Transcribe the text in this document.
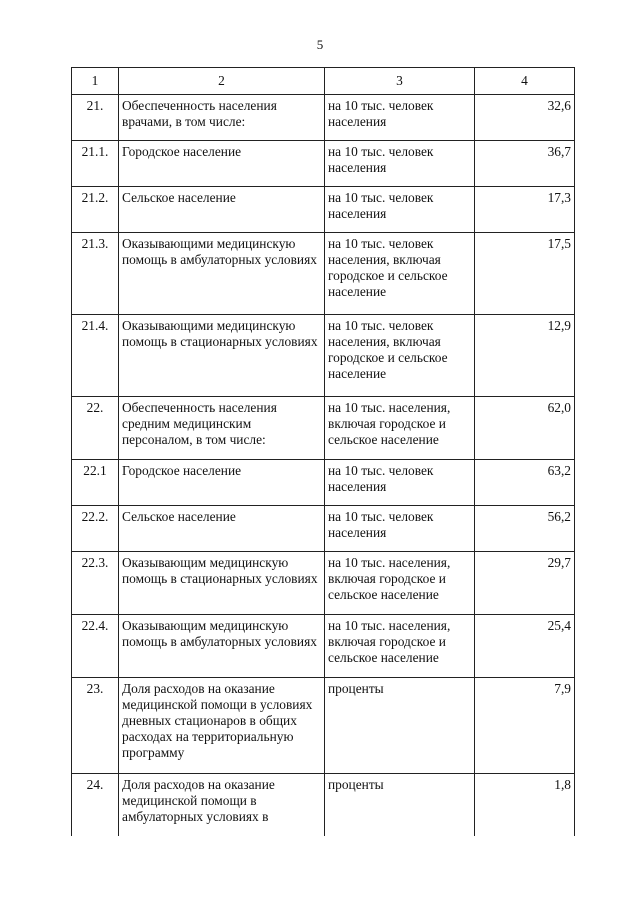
5
1	2	3	4
21.	Обеспеченность населения врачами, в том числе:	на 10 тыс. человек населения	32,6
21.1.	Городское население	на 10 тыс. человек населения	36,7
21.2.	Сельское население	на 10 тыс. человек населения	17,3
21.3.	Оказывающими медицинскую помощь в амбулаторных условиях	на 10 тыс. человек населения, включая городское и сельское население	17,5
21.4.	Оказывающими медицинскую помощь в стационарных условиях	на 10 тыс. человек населения, включая городское и сельское население	12,9
22.	Обеспеченность населения средним медицинским персоналом, в том числе:	на 10 тыс. населения, включая городское и сельское население	62,0
22.1	Городское население	на 10 тыс. человек населения	63,2
22.2.	Сельское население	на 10 тыс. человек населения	56,2
22.3.	Оказывающим медицинскую помощь в стационарных условиях	на 10 тыс. населения, включая городское и сельское население	29,7
22.4.	Оказывающим медицинскую помощь в амбулаторных условиях	на 10 тыс. населения, включая городское и сельское население	25,4
23.	Доля расходов на оказание медицинской помощи в условиях дневных стационаров в общих расходах на территориальную программу	проценты	7,9
24.	Доля расходов на оказание медицинской помощи в амбулаторных условиях в	проценты	1,8
